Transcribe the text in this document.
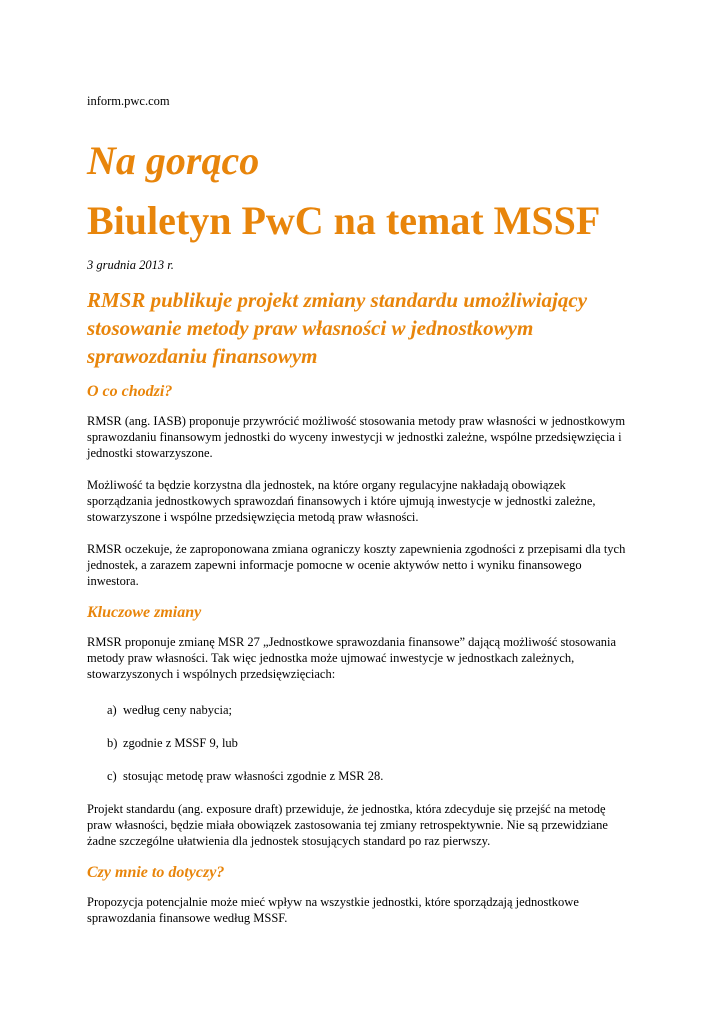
inform.pwc.com

Na gorąco
Biuletyn PwC na temat MSSF

3 grudnia 2013 r.

RMSR publikuje projekt zmiany standardu umożliwiający stosowanie metody praw własności w jednostkowym sprawozdaniu finansowym
O co chodzi?

RMSR (ang. IASB) proponuje przywrócić możliwość stosowania metody praw własności w jednostkowym sprawozdaniu finansowym jednostki do wyceny inwestycji w jednostki zależne, wspólne przedsięwzięcia i jednostki stowarzyszone.

Możliwość ta będzie korzystna dla jednostek, na które organy regulacyjne nakładają obowiązek sporządzania jednostkowych sprawozdań finansowych i które ujmują inwestycje w jednostki zależne, stowarzyszone i wspólne przedsięwzięcia metodą praw własności.

RMSR oczekuje, że zaproponowana zmiana ograniczy koszty zapewnienia zgodności z przepisami dla tych jednostek, a zarazem zapewni informacje pomocne w ocenie aktywów netto i wyniku finansowego inwestora.

Kluczowe zmiany

RMSR proponuje zmianę MSR 27 „Jednostkowe sprawozdania finansowe” dającą możliwość stosowania metody praw własności. Tak więc jednostka może ujmować inwestycje w jednostkach zależnych, stowarzyszonych i wspólnych przedsięwzięciach:

a) według ceny nabycia;
b) zgodnie z MSSF 9, lub
c) stosując metodę praw własności zgodnie z MSR 28.

Projekt standardu (ang. exposure draft) przewiduje, że jednostka, która zdecyduje się przejść na metodę praw własności, będzie miała obowiązek zastosowania tej zmiany retrospektywnie. Nie są przewidziane żadne szczególne ułatwienia dla jednostek stosujących standard po raz pierwszy.

Czy mnie to dotyczy?

Propozycja potencjalnie może mieć wpływ na wszystkie jednostki, które sporządzają jednostkowe sprawozdania finansowe według MSSF.
